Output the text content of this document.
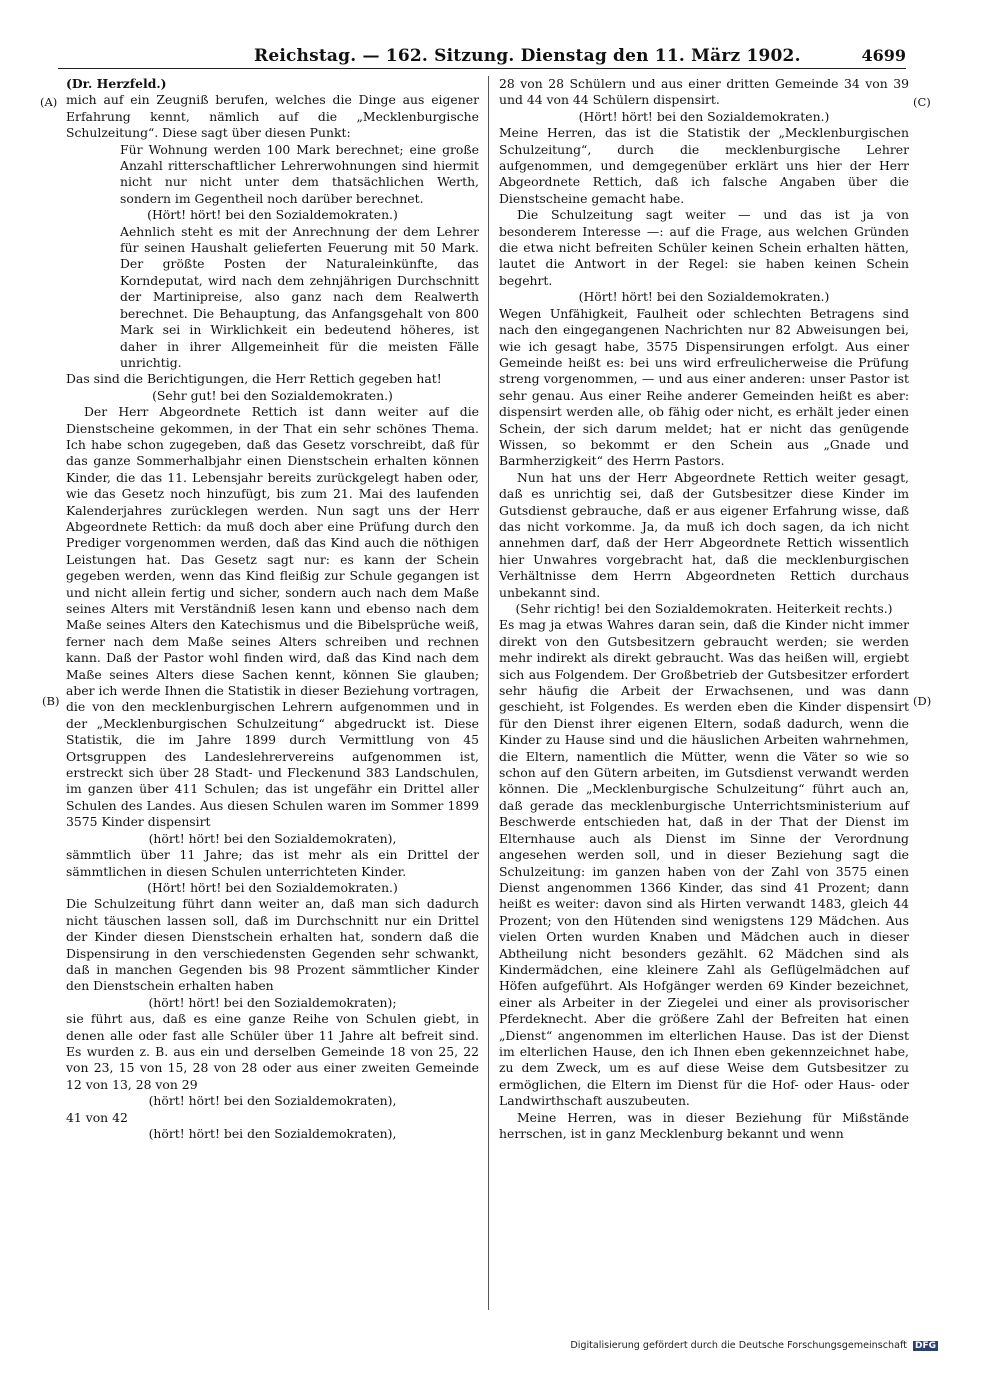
Reichstag. — 162. Sitzung. Dienstag den 11. März 1902.	4699
(A)
(B)
(C)
(D)

(Dr. Herzfeld.)

mich auf ein Zeugniß berufen, welches die Dinge aus eigener Erfahrung kennt, nämlich auf die „Mecklenburgische Schulzeitung“. Diese sagt über diesen Punkt:

Für Wohnung werden 100 Mark berechnet; eine große Anzahl ritterschaftlicher Lehrerwohnungen sind hiermit nicht nur nicht unter dem thatsächlichen Werth, sondern im Gegentheil noch darüber berechnet.

(Hört! hört! bei den Sozialdemokraten.)

Aehnlich steht es mit der Anrechnung der dem Lehrer für seinen Haushalt gelieferten Feuerung mit 50 Mark. Der größte Posten der Naturaleinkünfte, das Korndeputat, wird nach dem zehnjährigen Durchschnitt der Martinipreise, also ganz nach dem Realwerth berechnet. Die Behauptung, das Anfangsgehalt von 800 Mark sei in Wirklichkeit ein bedeutend höheres, ist daher in ihrer Allgemeinheit für die meisten Fälle unrichtig.

Das sind die Berichtigungen, die Herr Rettich gegeben hat!

(Sehr gut! bei den Sozialdemokraten.)

Der Herr Abgeordnete Rettich ist dann weiter auf die Dienstscheine gekommen, in der That ein sehr schönes Thema. Ich habe schon zugegeben, daß das Gesetz vorschreibt, daß für das ganze Sommerhalbjahr einen Dienstschein erhalten können Kinder, die das 11. Lebensjahr bereits zurückgelegt haben oder, wie das Gesetz noch hinzufügt, bis zum 21. Mai des laufenden Kalenderjahres zurücklegen werden. Nun sagt uns der Herr Abgeordnete Rettich: da muß doch aber eine Prüfung durch den Prediger vorgenommen werden, daß das Kind auch die nöthigen Leistungen hat. Das Gesetz sagt nur: es kann der Schein gegeben werden, wenn das Kind fleißig zur Schule gegangen ist und nicht allein fertig und sicher, sondern auch nach dem Maße seines Alters mit Verständniß lesen kann und ebenso nach dem Maße seines Alters den Katechismus und die Bibelsprüche weiß, ferner nach dem Maße seines Alters schreiben und rechnen kann. Daß der Pastor wohl finden wird, daß das Kind nach dem Maße seines Alters diese Sachen kennt, können Sie glauben; aber ich werde Ihnen die Statistik in dieser Beziehung vortragen, die von den mecklenburgischen Lehrern aufgenommen und in der „Mecklenburgischen Schulzeitung“ abgedruckt ist. Diese Statistik, die im Jahre 1899 durch Vermittlung von 45 Ortsgruppen des Landeslehrervereins aufgenommen ist, erstreckt sich über 28 Stadt- und Fleckenund 383 Landschulen, im ganzen über 411 Schulen; das ist ungefähr ein Drittel aller Schulen des Landes. Aus diesen Schulen waren im Sommer 1899 3575 Kinder dispensirt

(hört! hört! bei den Sozialdemokraten),

sämmtlich über 11 Jahre; das ist mehr als ein Drittel der sämmtlichen in diesen Schulen unterrichteten Kinder.

(Hört! hört! bei den Sozialdemokraten.)

Die Schulzeitung führt dann weiter an, daß man sich dadurch nicht täuschen lassen soll, daß im Durchschnitt nur ein Drittel der Kinder diesen Dienstschein erhalten hat, sondern daß die Dispensirung in den verschiedensten Gegenden sehr schwankt, daß in manchen Gegenden bis 98 Prozent sämmtlicher Kinder den Dienstschein erhalten haben

(hört! hört! bei den Sozialdemokraten);

sie führt aus, daß es eine ganze Reihe von Schulen giebt, in denen alle oder fast alle Schüler über 11 Jahre alt befreit sind. Es wurden z. B. aus ein und derselben Gemeinde 18 von 25, 22 von 23, 15 von 15, 28 von 28 oder aus einer zweiten Gemeinde 12 von 13, 28 von 29

(hört! hört! bei den Sozialdemokraten),

41 von 42

(hört! hört! bei den Sozialdemokraten),

28 von 28 Schülern und aus einer dritten Gemeinde 34 von 39 und 44 von 44 Schülern dispensirt.

(Hört! hört! bei den Sozialdemokraten.)

Meine Herren, das ist die Statistik der „Mecklenburgischen Schulzeitung“, durch die mecklenburgische Lehrer aufgenommen, und demgegenüber erklärt uns hier der Herr Abgeordnete Rettich, daß ich falsche Angaben über die Dienstscheine gemacht habe.

Die Schulzeitung sagt weiter — und das ist ja von besonderem Interesse —: auf die Frage, aus welchen Gründen die etwa nicht befreiten Schüler keinen Schein erhalten hätten, lautet die Antwort in der Regel: sie haben keinen Schein begehrt.

(Hört! hört! bei den Sozialdemokraten.)

Wegen Unfähigkeit, Faulheit oder schlechten Betragens sind nach den eingegangenen Nachrichten nur 82 Abweisungen bei, wie ich gesagt habe, 3575 Dispensirungen erfolgt. Aus einer Gemeinde heißt es: bei uns wird erfreulicherweise die Prüfung streng vorgenommen, — und aus einer anderen: unser Pastor ist sehr genau. Aus einer Reihe anderer Gemeinden heißt es aber: dispensirt werden alle, ob fähig oder nicht, es erhält jeder einen Schein, der sich darum meldet; hat er nicht das genügende Wissen, so bekommt er den Schein aus „Gnade und Barmherzigkeit“ des Herrn Pastors.

Nun hat uns der Herr Abgeordnete Rettich weiter gesagt, daß es unrichtig sei, daß der Gutsbesitzer diese Kinder im Gutsdienst gebrauche, daß er aus eigener Erfahrung wisse, daß das nicht vorkomme. Ja, da muß ich doch sagen, da ich nicht annehmen darf, daß der Herr Abgeordnete Rettich wissentlich hier Unwahres vorgebracht hat, daß die mecklenburgischen Verhältnisse dem Herrn Abgeordneten Rettich durchaus unbekannt sind.

(Sehr richtig! bei den Sozialdemokraten. Heiterkeit rechts.)

Es mag ja etwas Wahres daran sein, daß die Kinder nicht immer direkt von den Gutsbesitzern gebraucht werden; sie werden mehr indirekt als direkt gebraucht. Was das heißen will, ergiebt sich aus Folgendem. Der Großbetrieb der Gutsbesitzer erfordert sehr häufig die Arbeit der Erwachsenen, und was dann geschieht, ist Folgendes. Es werden eben die Kinder dispensirt für den Dienst ihrer eigenen Eltern, sodaß dadurch, wenn die Kinder zu Hause sind und die häuslichen Arbeiten wahrnehmen, die Eltern, namentlich die Mütter, wenn die Väter so wie so schon auf den Gütern arbeiten, im Gutsdienst verwandt werden können. Die „Mecklenburgische Schulzeitung“ führt auch an, daß gerade das mecklenburgische Unterrichtsministerium auf Beschwerde entschieden hat, daß in der That der Dienst im Elternhause auch als Dienst im Sinne der Verordnung angesehen werden soll, und in dieser Beziehung sagt die Schulzeitung: im ganzen haben von der Zahl von 3575 einen Dienst angenommen 1366 Kinder, das sind 41 Prozent; dann heißt es weiter: davon sind als Hirten verwandt 1483, gleich 44 Prozent; von den Hütenden sind wenigstens 129 Mädchen. Aus vielen Orten wurden Knaben und Mädchen auch in dieser Abtheilung nicht besonders gezählt. 62 Mädchen sind als Kindermädchen, eine kleinere Zahl als Geflügelmädchen auf Höfen aufgeführt. Als Hofgänger werden 69 Kinder bezeichnet, einer als Arbeiter in der Ziegelei und einer als provisorischer Pferdeknecht. Aber die größere Zahl der Befreiten hat einen „Dienst“ angenommen im elterlichen Hause. Das ist der Dienst im elterlichen Hause, den ich Ihnen eben gekennzeichnet habe, zu dem Zweck, um es auf diese Weise dem Gutsbesitzer zu ermöglichen, die Eltern im Dienst für die Hof- oder Haus- oder Landwirthschaft auszubeuten.

Meine Herren, was in dieser Beziehung für Mißstände herrschen, ist in ganz Mecklenburg bekannt und wenn

Digitalisierung gefördert durch die Deutsche Forschungsgemeinschaft DFG
